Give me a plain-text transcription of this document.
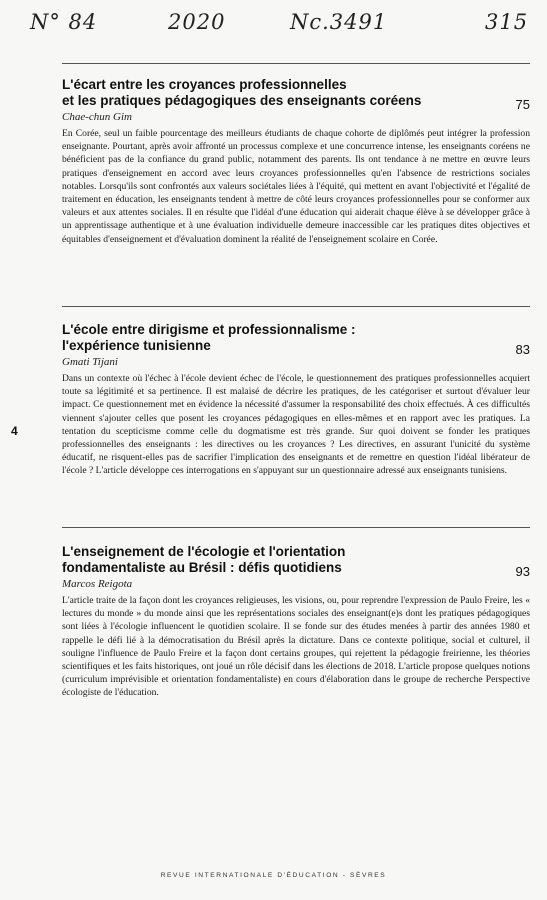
N° 84	2020	Nc.3491	315
L'écart entre les croyances professionnelles
et les pratiques pédagogiques des enseignants coréens	75
Chae-chun Gim

En Corée, seul un faible pourcentage des meilleurs étudiants de chaque cohorte de diplômés peut intégrer la profession enseignante. Pourtant, après avoir affronté un processus complexe et une concurrence intense, les enseignants coréens ne bénéficient pas de la confiance du grand public, notamment des parents. Ils ont tendance à ne mettre en œuvre leurs pratiques d'enseignement en accord avec leurs croyances professionnelles qu'en l'absence de restrictions sociales notables. Lorsqu'ils sont confrontés aux valeurs sociétales liées à l'équité, qui mettent en avant l'objectivité et l'égalité de traitement en éducation, les enseignants tendent à mettre de côté leurs croyances professionnelles pour se conformer aux valeurs et aux attentes sociales. Il en résulte que l'idéal d'une éducation qui aiderait chaque élève à se développer grâce à un apprentissage authentique et à une évaluation individuelle demeure inaccessible car les pratiques dites objectives et équitables d'enseignement et d'évaluation dominent la réalité de l'enseignement scolaire en Corée.

L'école entre dirigisme et professionnalisme :
l'expérience tunisienne	83
Gmati Tijani

Dans un contexte où l'échec à l'école devient échec de l'école, le questionnement des pratiques professionnelles acquiert toute sa légitimité et sa pertinence. Il est malaisé de décrire les pratiques, de les catégoriser et surtout d'évaluer leur impact. Ce questionnement met en évidence la nécessité d'assumer la responsabilité des choix effectués. À ces difficultés viennent s'ajouter celles que posent les croyances pédagogiques en elles-mêmes et en rapport avec les pratiques. La tentation du scepticisme comme celle du dogmatisme est très grande. Sur quoi doivent se fonder les pratiques professionnelles des enseignants : les directives ou les croyances ? Les directives, en assurant l'unicité du système éducatif, ne risquent-elles pas de sacrifier l'implication des enseignants et de remettre en question l'idéal libérateur de l'école ? L'article développe ces interrogations en s'appuyant sur un questionnaire adressé aux enseignants tunisiens.

L'enseignement de l'écologie et l'orientation
fondamentaliste au Brésil : défis quotidiens	93
Marcos Reigota

L'article traite de la façon dont les croyances religieuses, les visions, ou, pour reprendre l'expression de Paulo Freire, les « lectures du monde » du monde ainsi que les représentations sociales des enseignant(e)s dont les pratiques pédagogiques sont liées à l'écologie influencent le quotidien scolaire. Il se fonde sur des études menées à partir des années 1980 et rappelle le défi lié à la démocratisation du Brésil après la dictature. Dans ce contexte politique, social et culturel, il souligne l'influence de Paulo Freire et la façon dont certains groupes, qui rejettent la pédagogie freirienne, les théories scientifiques et les faits historiques, ont joué un rôle décisif dans les élections de 2018. L'article propose quelques notions (curriculum imprévisible et orientation fondamentaliste) en cours d'élaboration dans le groupe de recherche Perspective écologiste de l'éducation.

4
REVUE INTERNATIONALE D'ÉDUCATION - SÈVRES
